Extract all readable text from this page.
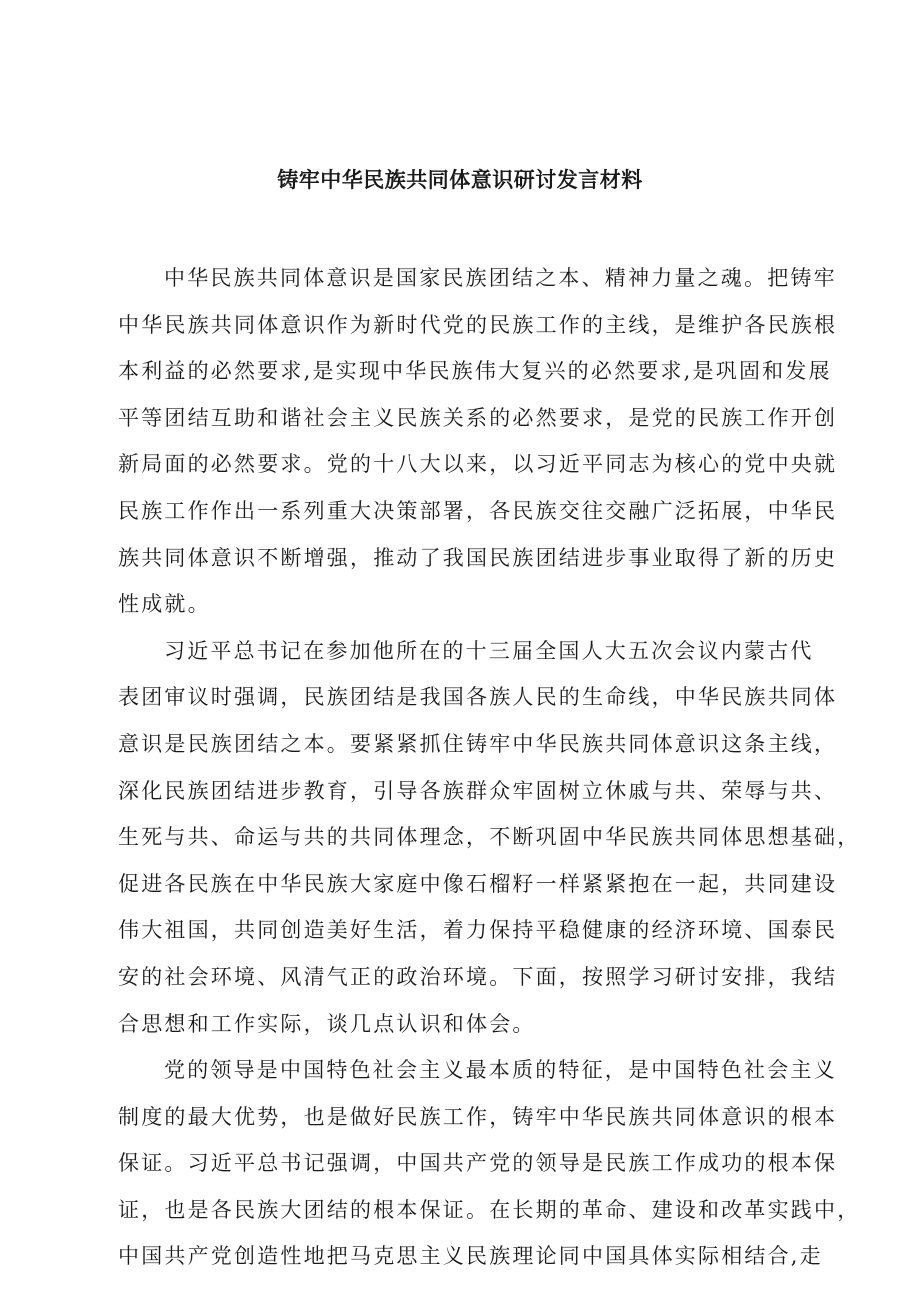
铸牢中华民族共同体意识研讨发言材料

中华民族共同体意识是国家民族团结之本、精神力量之魂。把铸牢
中华民族共同体意识作为新时代党的民族工作的主线，是维护各民族根
本利益的必然要求,是实现中华民族伟大复兴的必然要求,是巩固和发展
平等团结互助和谐社会主义民族关系的必然要求，是党的民族工作开创
新局面的必然要求。党的十八大以来，以习近平同志为核心的党中央就
民族工作作出一系列重大决策部署，各民族交往交融广泛拓展，中华民
族共同体意识不断增强，推动了我国民族团结进步事业取得了新的历史
性成就。

习近平总书记在参加他所在的十三届全国人大五次会议内蒙古代
表团审议时强调，民族团结是我国各族人民的生命线，中华民族共同体
意识是民族团结之本。要紧紧抓住铸牢中华民族共同体意识这条主线，
深化民族团结进步教育，引导各族群众牢固树立休戚与共、荣辱与共、
生死与共、命运与共的共同体理念，不断巩固中华民族共同体思想基础，
促进各民族在中华民族大家庭中像石榴籽一样紧紧抱在一起，共同建设
伟大祖国，共同创造美好生活，着力保持平稳健康的经济环境、国泰民
安的社会环境、风清气正的政治环境。下面，按照学习研讨安排，我结
合思想和工作实际，谈几点认识和体会。

党的领导是中国特色社会主义最本质的特征，是中国特色社会主义
制度的最大优势，也是做好民族工作，铸牢中华民族共同体意识的根本
保证。习近平总书记强调，中国共产党的领导是民族工作成功的根本保
证，也是各民族大团结的根本保证。在长期的革命、建设和改革实践中，
中国共产党创造性地把马克思主义民族理论同中国具体实际相结合,走
